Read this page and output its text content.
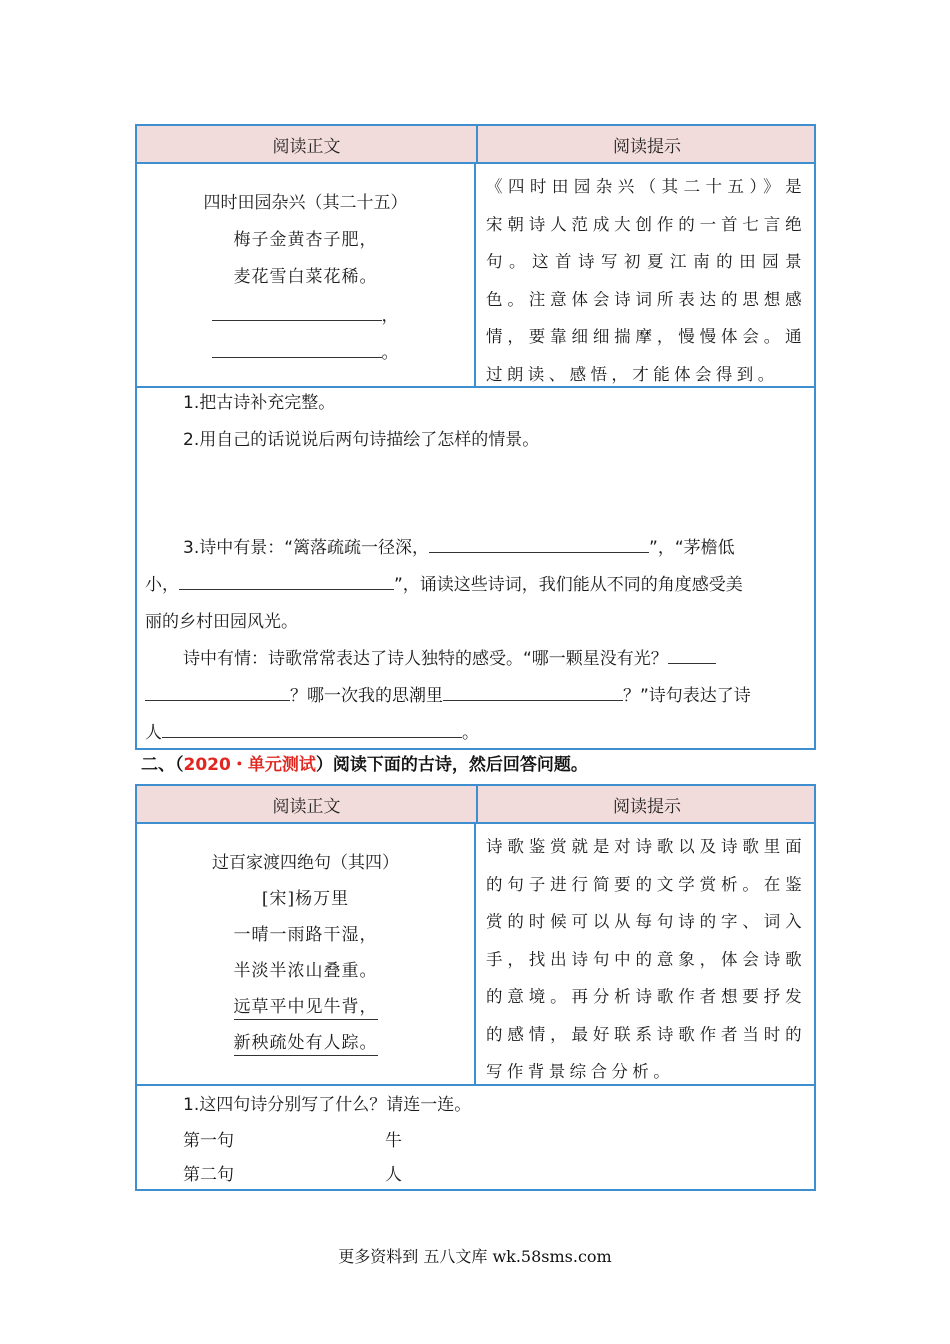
阅读正文	阅读提示
四时田园杂兴（其二十五）
梅子金黄杏子肥，
麦花雪白菜花稀。
，
。
《四时田园杂兴（其二十五）》是宋朝诗人范成大创作的一首七言绝句。这首诗写初夏江南的田园景色。注意体会诗词所表达的思想感情，要靠细细揣摩，慢慢体会。通过朗读、感悟，才能体会得到。
1.把古诗补充完整。
2.用自己的话说说后两句诗描绘了怎样的情景。
3.诗中有景：“篱落疏疏一径深，	”，“茅檐低
小，	”，诵读这些诗词，我们能从不同的角度感受美
丽的乡村田园风光。
诗中有情：诗歌常常表达了诗人独特的感受。“哪一颗星没有光？
？哪一次我的思潮里	？”诗句表达了诗
人	。
二、（2020・单元测试）阅读下面的古诗，然后回答问题。
阅读正文	阅读提示
过百家渡四绝句（其四）
[宋]杨万里
一晴一雨路干湿，
半淡半浓山叠重。
远草平中见牛背，
新秧疏处有人踪。
诗歌鉴赏就是对诗歌以及诗歌里面的句子进行简要的文学赏析。在鉴赏的时候可以从每句诗的字、词入手，找出诗句中的意象，体会诗歌的意境。再分析诗歌作者想要抒发的感情，最好联系诗歌作者当时的写作背景综合分析。
1.这四句诗分别写了什么？请连一连。
第一句	牛
第二句	人
更多资料到 五八文库 wk.58sms.com
